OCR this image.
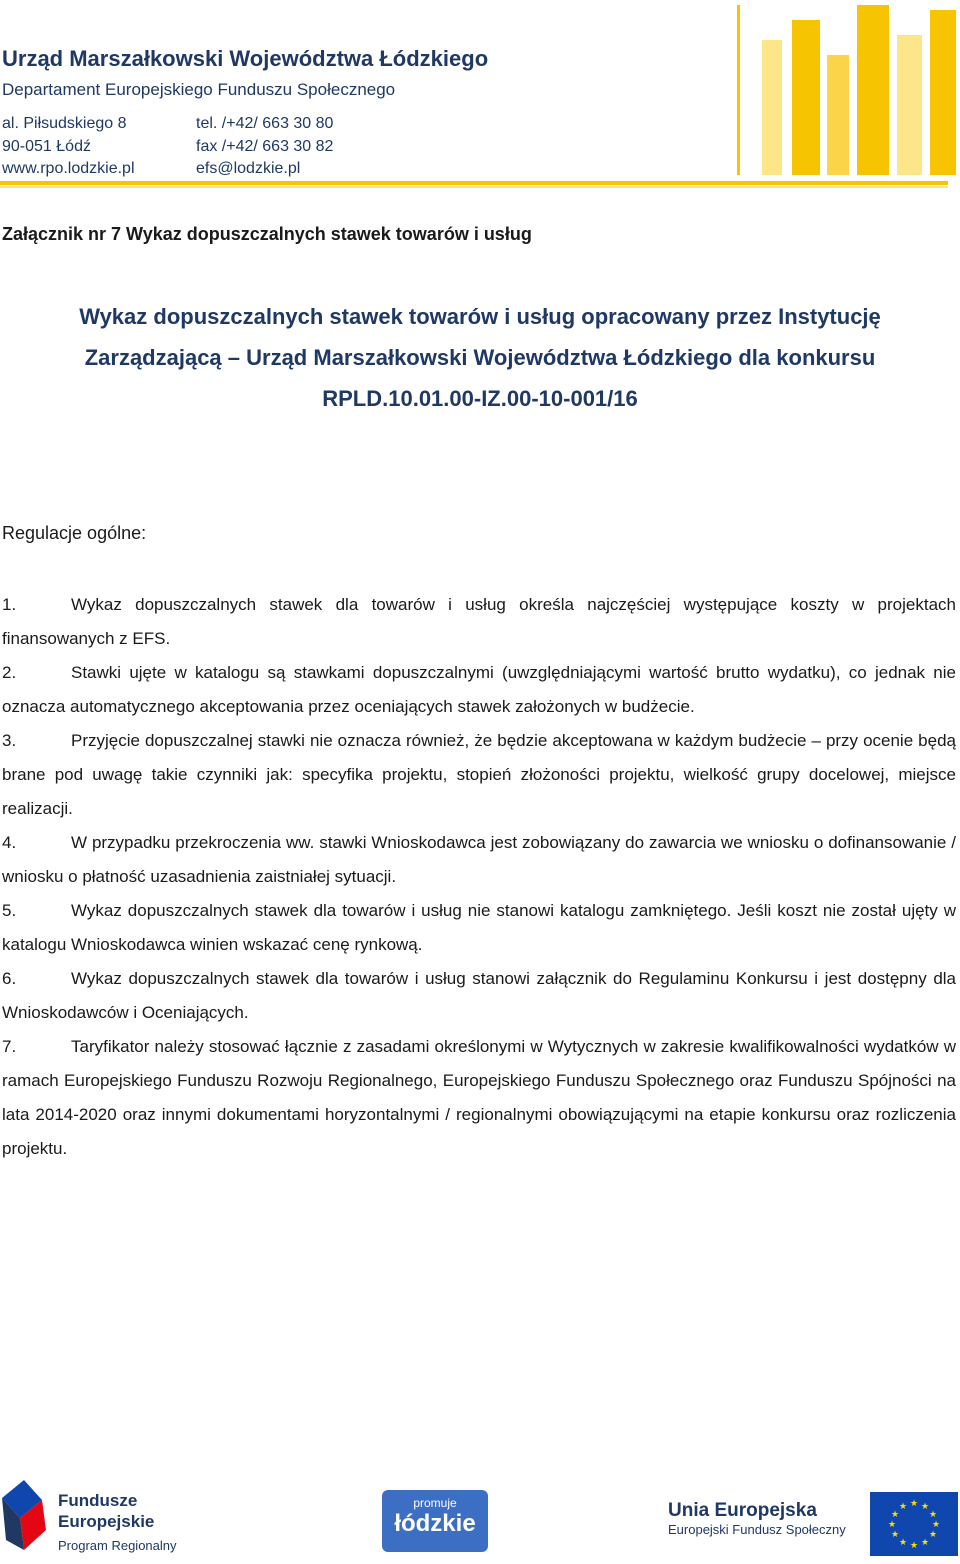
Urząd Marszałkowski Województwa Łódzkiego
Departament Europejskiego Funduszu Społecznego
al. Piłsudskiego 8
90-051 Łódź
www.rpo.lodzkie.pl
tel. /+42/ 663 30 80
fax /+42/ 663 30 82
efs@lodzkie.pl
Załącznik nr 7 Wykaz dopuszczalnych stawek towarów i usług
Wykaz dopuszczalnych stawek towarów i usług opracowany przez Instytucję
Zarządzającą – Urząd Marszałkowski Województwa Łódzkiego dla konkursu
RPLD.10.01.00-IZ.00-10-001/16
Regulacje ogólne:

1.	Wykaz dopuszczalnych stawek dla towarów i usług określa najczęściej występujące koszty w projektach finansowanych z EFS.

2.	Stawki ujęte w katalogu są stawkami dopuszczalnymi (uwzględniającymi wartość brutto wydatku), co jednak nie oznacza automatycznego akceptowania przez oceniających stawek założonych w budżecie.

3.	Przyjęcie dopuszczalnej stawki nie oznacza również, że będzie akceptowana w każdym budżecie – przy ocenie będą brane pod uwagę takie czynniki jak: specyfika projektu, stopień złożoności projektu, wielkość grupy docelowej, miejsce realizacji.

4.	W przypadku przekroczenia ww. stawki Wnioskodawca jest zobowiązany do zawarcia we wniosku o dofinansowanie / wniosku o płatność uzasadnienia zaistniałej sytuacji.

5.	Wykaz dopuszczalnych stawek dla towarów i usług nie stanowi katalogu zamkniętego. Jeśli koszt nie został ujęty w katalogu Wnioskodawca winien wskazać cenę rynkową.

6.	Wykaz dopuszczalnych stawek dla towarów i usług stanowi załącznik do Regulaminu Konkursu i jest dostępny dla Wnioskodawców i Oceniających.

7.	Taryfikator należy stosować łącznie z zasadami określonymi w Wytycznych w zakresie kwalifikowalności wydatków w ramach Europejskiego Funduszu Rozwoju Regionalnego, Europejskiego Funduszu Społecznego oraz Funduszu Spójności na lata 2014-2020 oraz innymi dokumentami horyzontalnymi / regionalnymi obowiązującymi na etapie konkursu oraz rozliczenia projektu.

Fundusze
Europejskie
Program Regionalny
promuje
łódzkie	Unia Europejska
Europejski Fundusz Społeczny
★ ★
★
★
★
★
★
★
★
★
★
★
